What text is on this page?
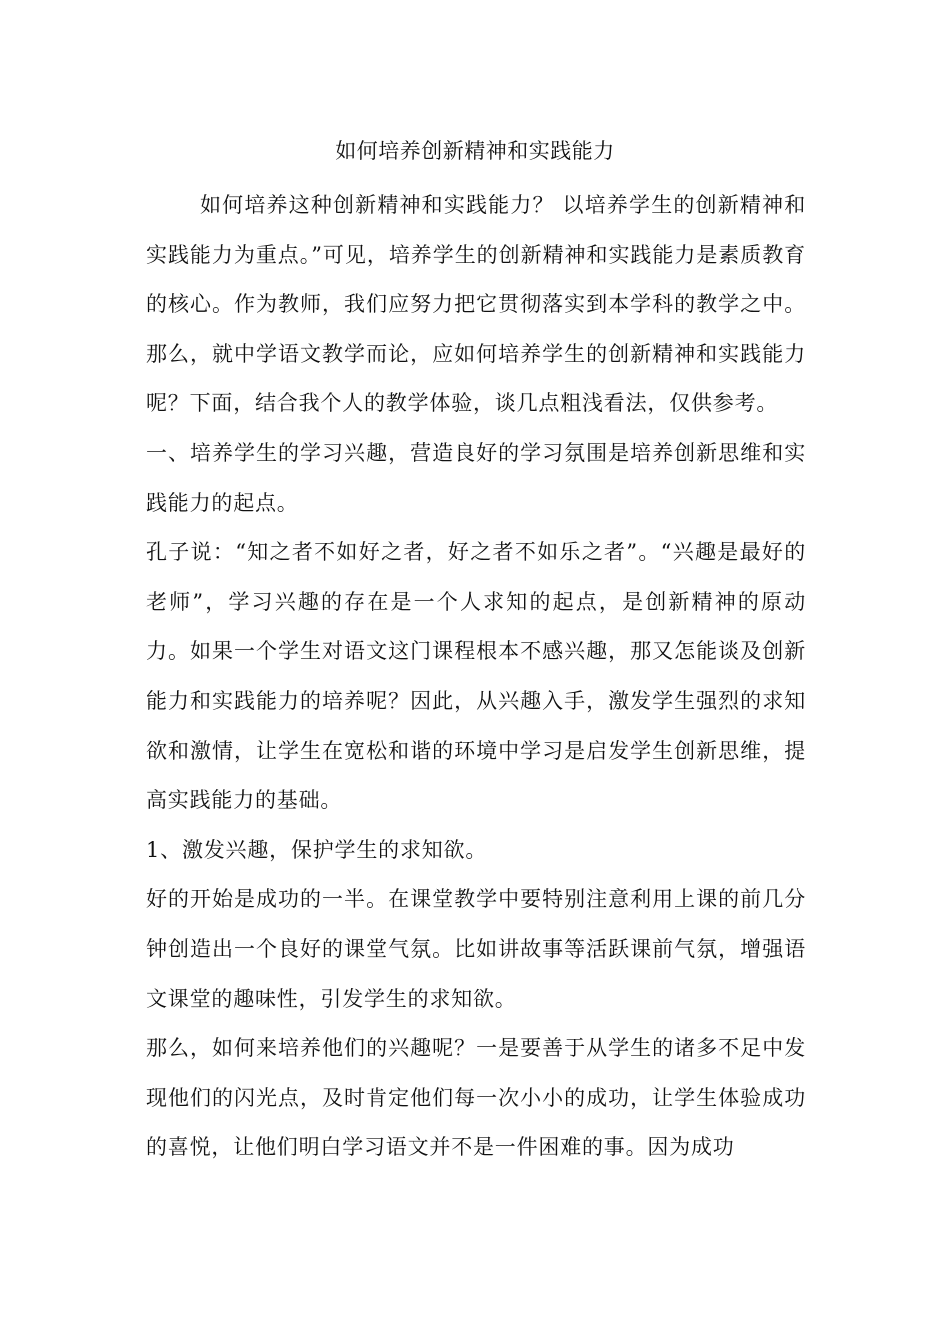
如何培养创新精神和实践能力

如何培养这种创新精神和实践能力？ 以培养学生的创新精神和实践能力为重点。”可见，培养学生的创新精神和实践能力是素质教育的核心。作为教师，我们应努力把它贯彻落实到本学科的教学之中。那么，就中学语文教学而论，应如何培养学生的创新精神和实践能力呢？下面，结合我个人的教学体验，谈几点粗浅看法，仅供参考。

一、培养学生的学习兴趣，营造良好的学习氛围是培养创新思维和实践能力的起点。

孔子说：“知之者不如好之者，好之者不如乐之者”。“兴趣是最好的老师”，学习兴趣的存在是一个人求知的起点，是创新精神的原动力。如果一个学生对语文这门课程根本不感兴趣，那又怎能谈及创新能力和实践能力的培养呢？因此，从兴趣入手，激发学生强烈的求知欲和激情，让学生在宽松和谐的环境中学习是启发学生创新思维，提高实践能力的基础。

1、激发兴趣，保护学生的求知欲。

好的开始是成功的一半。在课堂教学中要特别注意利用上课的前几分钟创造出一个良好的课堂气氛。比如讲故事等活跃课前气氛，增强语文课堂的趣味性，引发学生的求知欲。

那么，如何来培养他们的兴趣呢？一是要善于从学生的诸多不足中发现他们的闪光点，及时肯定他们每一次小小的成功，让学生体验成功的喜悦，让他们明白学习语文并不是一件困难的事。因为成功
